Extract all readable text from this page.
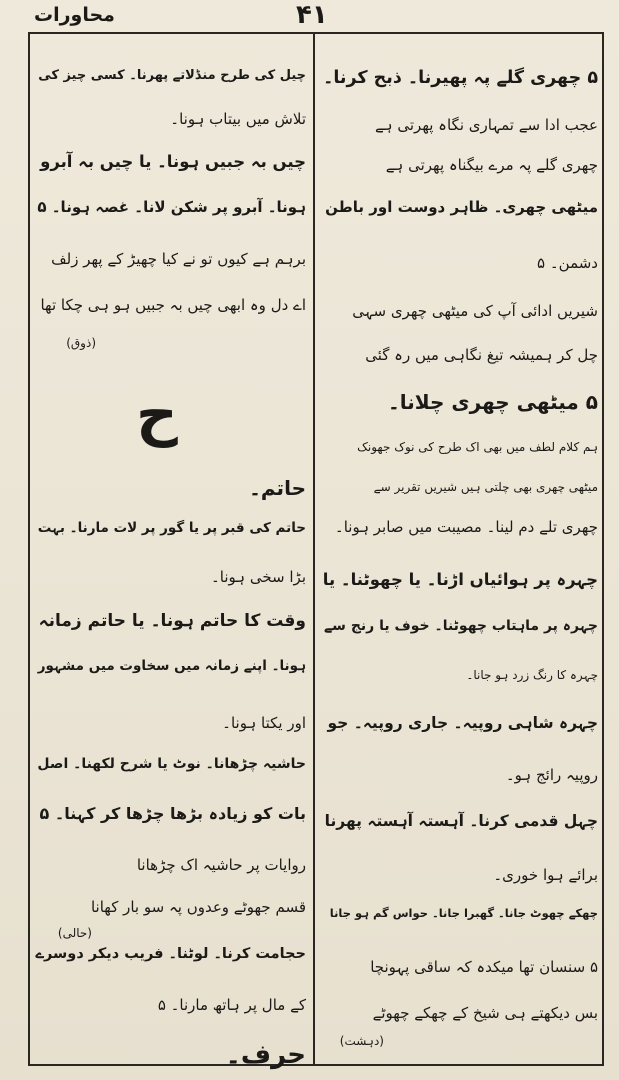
محاورات	۴۱
۵ چھری گلے پہ پھیرنا۔ ذبح کرنا۔
عجب ادا سے تمہاری نگاہ پھرتی ہے
چھری گلے پہ مرے بیگناہ پھرتی ہے
میٹھی چھری۔ ظاہر دوست اور باطن
دشمن۔ ۵
شیریں ادائی آپ کی میٹھی چھری سہی
چل کر ہمیشہ تیغ نگاہی میں رہ گئی
۵ میٹھی چھری چلانا۔
ہم کلام لطف میں بھی اک طرح کی نوک جھونک
میٹھی چھری بھی چلتی ہیں شیریں تقریر سے
چھری تلے دم لینا۔ مصیبت میں صابر ہونا۔
چہرہ پر ہوائیاں اڑنا۔ یا چھوٹنا۔ یا
چہرہ پر ماہتاب چھوٹنا۔ خوف یا رنج سے
چہرہ کا رنگ زرد ہو جانا۔
چہرہ شاہی روپیہ۔ جاری روپیہ۔ جو
روپیہ رائج ہو۔
چہل قدمی کرنا۔ آہستہ آہستہ پھرنا
برائے ہوا خوری۔
چھکے چھوٹ جانا۔ گھبرا جانا۔ حواس گم ہو جانا
۵ سنسان تھا میکدہ کہ ساقی پہونچا
بس دیکھتے ہی شیخ کے چھکے چھوٹے
(دہشت)
چیل کی طرح منڈلاتے پھرنا۔ کسی چیز کی
تلاش میں بیتاب ہونا۔
چیں بہ جبیں ہونا۔ یا چیں بہ آبرو
ہونا۔ آبرو پر شکن لانا۔ غصہ ہونا۔ ۵
برہم ہے کیوں تو نے کیا چھیڑ کے پھر زلف
اے دل وہ ابھی چیں بہ جبیں ہو ہی چکا تھا
(ذوق)
حاتم۔
حاتم کی قبر پر یا گور پر لات مارنا۔ بہت
بڑا سخی ہونا۔
وقت کا حاتم ہونا۔ یا حاتم زمانہ
ہونا۔ اپنے زمانہ میں سخاوت میں مشہور
اور یکتا ہونا۔
حاشیہ چڑھانا۔ نوٹ یا شرح لکھنا۔ اصل
بات کو زیادہ بڑھا چڑھا کر کہنا۔ ۵
روایات پر حاشیہ اک چڑھانا
قسم جھوٹے وعدوں پہ سو بار کھانا
(حالی)
حجامت کرنا۔ لوٹنا۔ فریب دیکر دوسرے
کے مال پر ہاتھ مارنا۔ ۵
حرف۔
ح
